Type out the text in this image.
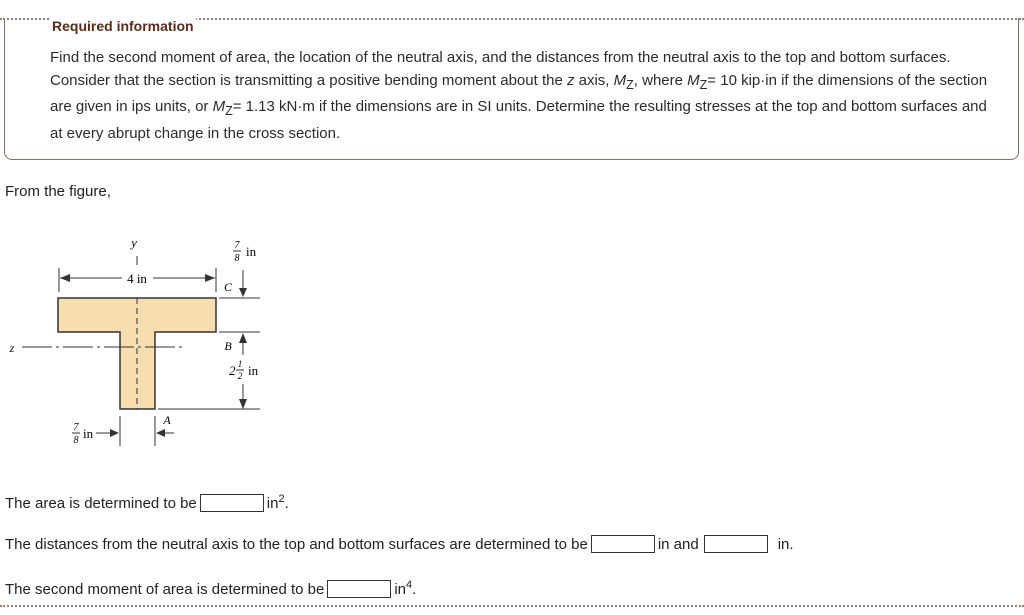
Required information
Find the second moment of area, the location of the neutral axis, and the distances from the neutral axis to the top and bottom surfaces. Consider that the section is transmitting a positive bending moment about the z axis, $M_Z$, where $M_Z= 10$ kip·in if the dimensions of the section are given in ips units, or $M_Z= 1.13$ kN·m if the dimensions are in SI units. Determine the resulting stresses at the top and bottom surfaces and at every abrupt change in the cross section.
From the figure,
y
4 in
z
7
8 in
C
B
2 1
2 in
7
8 in
A
The area is determined to be	$in^2$.
The distances from the neutral axis to the top and bottom surfaces are determined to be	in and	in.
The second moment of area is determined to be	$in^4$.
